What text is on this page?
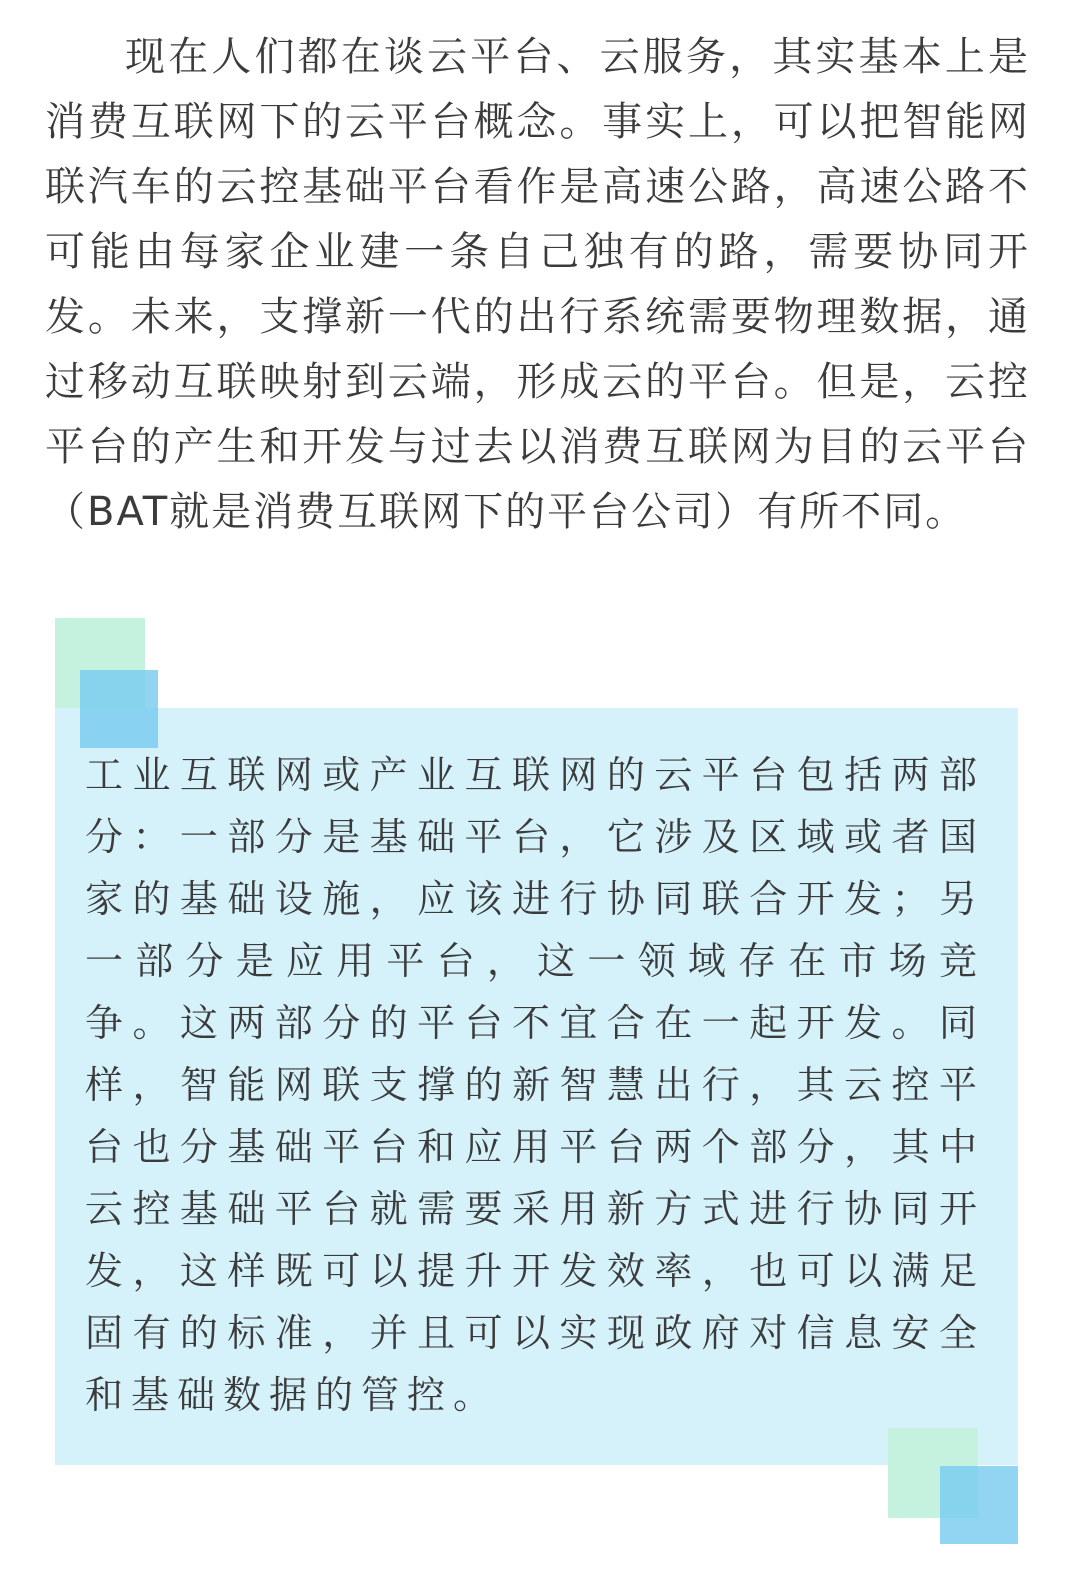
现在人们都在谈云平台、云服务，其实基本上是
消费互联网下的云平台概念。事实上，可以把智能网
联汽车的云控基础平台看作是高速公路，高速公路不
可能由每家企业建一条自己独有的路，需要协同开
发。未来，支撑新一代的出行系统需要物理数据，通
过移动互联映射到云端，形成云的平台。但是，云控
平台的产生和开发与过去以消费互联网为目的云平台
（BAT就是消费互联网下的平台公司）有所不同。
工业互联网或产业互联网的云平台包括两部
分：一部分是基础平台，它涉及区域或者国
家的基础设施，应该进行协同联合开发；另
一部分是应用平台，这一领域存在市场竞
争。这两部分的平台不宜合在一起开发。同
样，智能网联支撑的新智慧出行，其云控平
台也分基础平台和应用平台两个部分，其中
云控基础平台就需要采用新方式进行协同开
发，这样既可以提升开发效率，也可以满足
固有的标准，并且可以实现政府对信息安全
和基础数据的管控。
